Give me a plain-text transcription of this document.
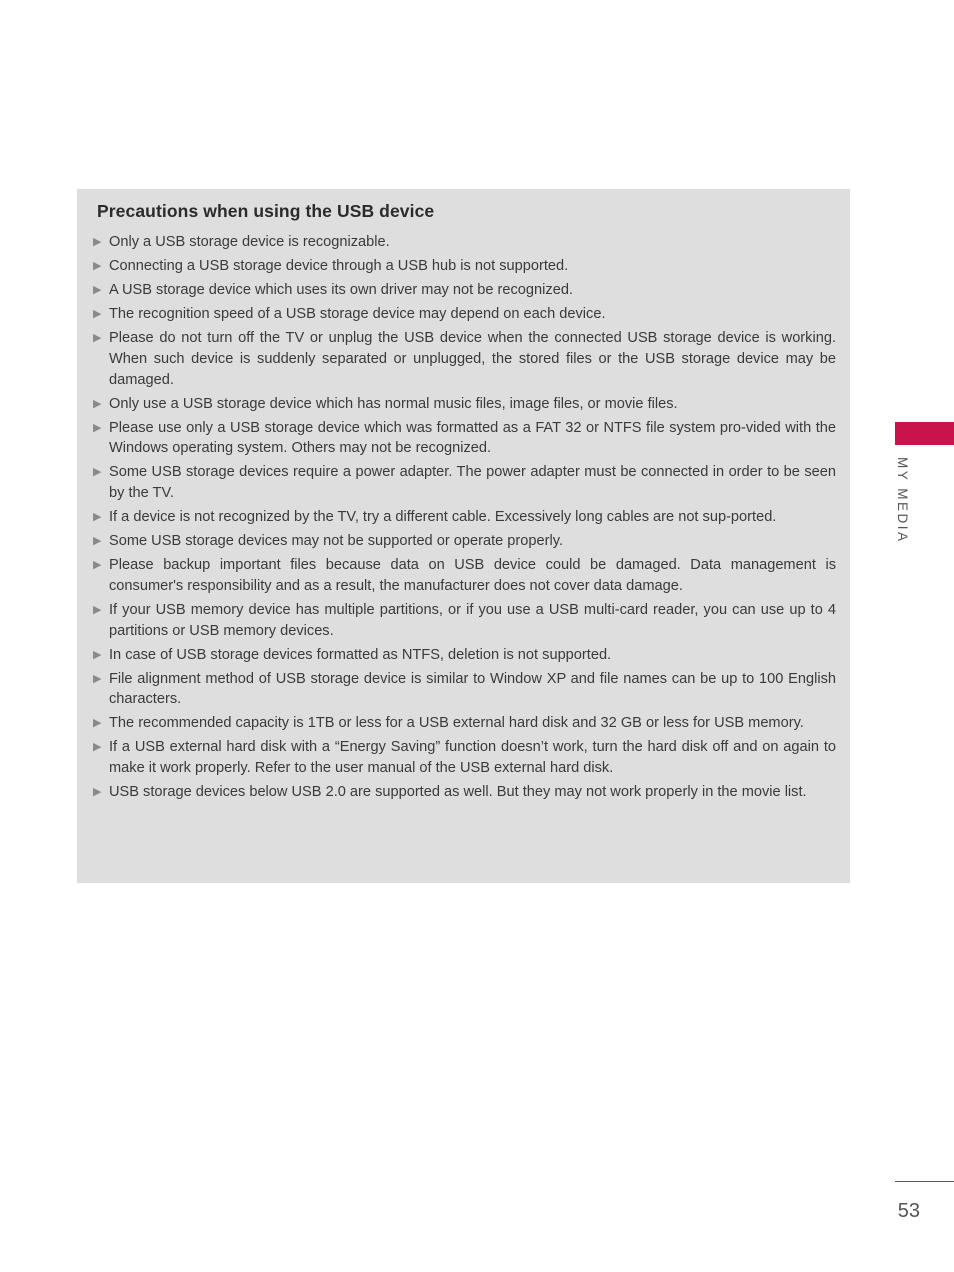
Precautions when using the USB device
▶ Only a USB storage device is recognizable.
▶ Connecting a USB storage device through a USB hub is not supported.
▶ A USB storage device which uses its own driver may not be recognized.
▶ The recognition speed of a USB storage device may depend on each device.
▶ Please do not turn off the TV or unplug the USB device when the connected USB storage device is working. When such device is suddenly separated or unplugged, the stored files or the USB storage device may be damaged.
▶ Only use a USB storage device which has normal music files, image files, or movie files.
▶ Please use only a USB storage device which was formatted as a FAT 32 or NTFS file system pro-vided with the Windows operating system. Others may not be recognized.
▶ Some USB storage devices require a power adapter. The power adapter must be connected in order to be seen by the TV.
▶ If a device is not recognized by the TV, try a different cable. Excessively long cables are not sup-ported.
▶ Some USB storage devices may not be supported or operate properly.
▶ Please backup important files because data on USB device could be damaged. Data management is consumer's responsibility and as a result, the manufacturer does not cover data damage.
▶ If your USB memory device has multiple partitions, or if you use a USB multi-card reader, you can use up to 4 partitions or USB memory devices.
▶ In case of USB storage devices formatted as NTFS, deletion is not supported.
▶ File alignment method of USB storage device is similar to Window XP and file names can be up to 100 English characters.
▶ The recommended capacity is 1TB or less for a USB external hard disk and 32 GB or less for USB memory.
▶ If a USB external hard disk with a “Energy Saving” function doesn’t work, turn the hard disk off and on again to make it work properly. Refer to the user manual of the USB external hard disk.
▶ USB storage devices below USB 2.0 are supported as well. But they may not work properly in the movie list.
MY MEDIA
53
